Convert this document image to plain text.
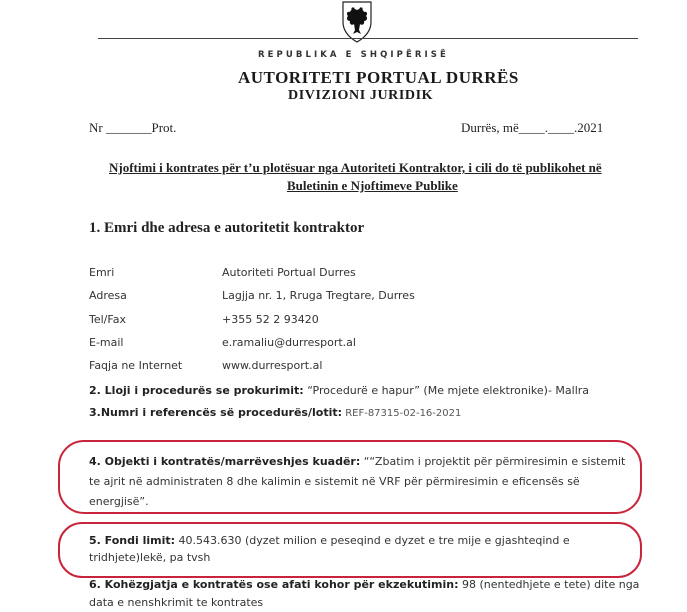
REPUBLIKA E SHQIPËRISË
AUTORITETI PORTUAL DURRËS
DIVIZIONI JURIDIK
Nr _______Prot.	Durrës, më____.____.2021
Njoftimi i kontrates për t’u plotësuar nga Autoriteti Kontraktor, i cili do të publikohet në
Buletinin e Njoftimeve Publike
1. Emri dhe adresa e autoritetit kontraktor
Emri	Autoriteti Portual Durres
Adresa	Lagjja nr. 1, Rruga Tregtare, Durres
Tel/Fax	+355 52 2 93420
E-mail	e.ramaliu@durresport.al
Faqja ne Internet	www.durresport.al
2. Lloji i procedurës se prokurimit: “Procedurë e hapur” (Me mjete elektronike)- Mallra
3.Numri i referencës së procedurës/lotit: REF-87315-02-16-2021
4. Objekti i kontratës/marrëveshjes kuadër: ““Zbatim i projektit për përmiresimin e sistemit
te ajrit në administraten 8 dhe kalimin e sistemit në VRF për përmiresimin e eficensës së
energjisë”.
5. Fondi limit: 40.543.630 (dyzet milion e peseqind e dyzet e tre mije e gjashteqind e
tridhjete)lekë, pa tvsh
6. Kohëzgjatja e kontratës ose afati kohor për ekzekutimin: 98 (nentedhjete e tete) dite nga
data e nenshkrimit te kontrates
